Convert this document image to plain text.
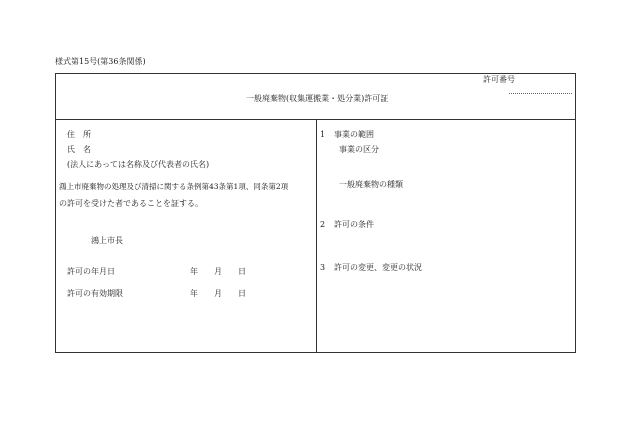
様式第15号(第36条関係)
許可番号
一般廃棄物(収集運搬業・処分業)許可証
住　所
氏　名
(法人にあっては名称及び代表者の氏名)
鴻上市廃棄物の処理及び清掃に関する条例第43条第1項、同条第2項
の許可を受けた者であることを証する。
鴻上市長
許可の年月日	年 月 日
許可の有効期限	年 月 日
1 事業の範囲
事業の区分
一般廃棄物の種類
2 許可の条件
3 許可の変更、変更の状況
